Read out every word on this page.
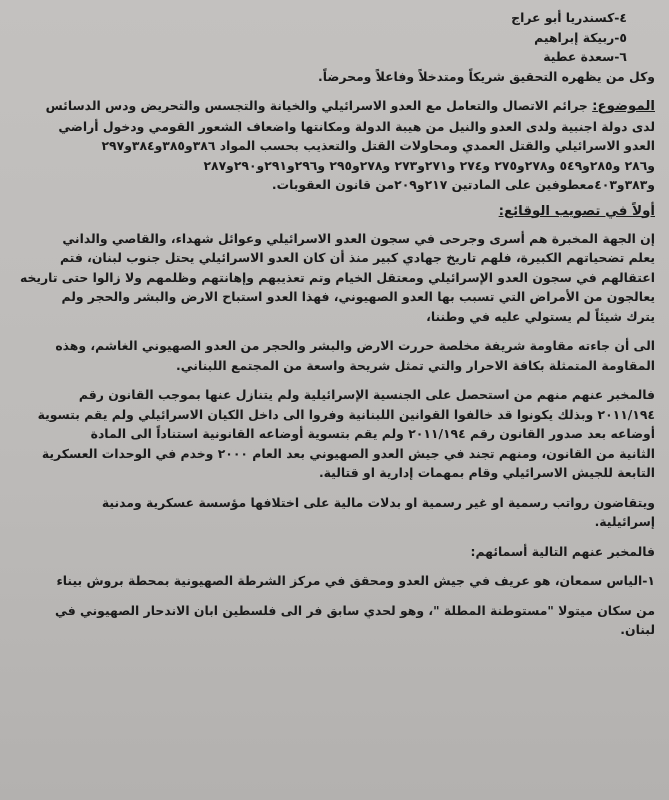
٤-كسندريا أبو عراج
٥-ربيكة إبراهيم
٦-سعدة عطية
وكل من يظهره التحقيق شريكاً ومتدخلاً وفاعلاً ومحرضاً.
الموضوع: جرائم الاتصال والتعامل مع العدو الاسرائيلي والخيانة والتجسس والتحريض ودس الدسائس
لدى دولة اجنبية ولدى العدو والنيل من هيبة الدولة ومكانتها واضعاف الشعور القومي ودخول أراضي
العدو الاسرائيلي والقتل العمدي ومحاولات القتل والتعذيب بحسب المواد ٣٨٦و٣٨٥و٣٨٤و٢٩٧
و٢٨٦ و٢٨٥و٥٤٩ و٢٧٨و٢٧٥ و٢٧٤ و٢٧١و٢٧٣ و٢٧٨و٢٩٥ و٢٩٦و٢٩١و٢٩٠و٢٨٧
و٣٨٣و٤٠٣معطوفين على المادتين ٢١٧و٢٠٩من قانون العقوبات.
أولاً في تصويب الوقائع:
إن الجهة المخبرة هم أسرى وجرحى في سجون العدو الاسرائيلي وعوائل شهداء، والقاصي والداني
يعلم تضحياتهم الكبيرة، فلهم تاريخ جهادي كبير منذ أن كان العدو الاسرائيلي يحتل جنوب لبنان، فتم
اعتقالهم في سجون العدو الإسرائيلي ومعتقل الخيام وتم تعذيبهم وإهانتهم وظلمهم ولا زالوا حتى تاريخه
يعالجون من الأمراض التي تسبب بها العدو الصهيوني، فهذا العدو استباح الارض والبشر والحجر ولم
يترك شيئاً لم يستولي عليه في وطننا،
الى أن جاءته مقاومة شريفة مخلصة حررت الارض والبشر والحجر من العدو الصهيوني الغاشم، وهذه
المقاومة المتمثلة بكافة الاحرار والتي تمثل شريحة واسعة من المجتمع اللبناني.
فالمخبر عنهم منهم من استحصل على الجنسية الإسرائيلية ولم يتنازل عنها بموجب القانون رقم
٢٠١١/١٩٤ وبذلك يكونوا قد خالفوا القوانين اللبنانية وفروا الى داخل الكيان الاسرائيلي ولم يقم بتسوية
أوضاعه بعد صدور القانون رقم ٢٠١١/١٩٤ ولم يقم بتسوية أوضاعه القانونية استناداً الى المادة
الثانية من القانون، ومنهم تجند في جيش العدو الصهيوني بعد العام ٢٠٠٠ وخدم في الوحدات العسكرية
التابعة للجيش الاسرائيلي وقام بمهمات إدارية او قتالية.
ويتقاضون رواتب رسمية او غير رسمية او بدلات مالية على اختلافها مؤسسة عسكرية ومدنية
إسرائيلية.
فالمخبر عنهم التالية أسمائهم:
١-الياس سمعان، هو عريف في جيش العدو ومحقق في مركز الشرطة الصهيونية بمحطة بروش بيناء
من سكان ميتولا "مستوطنة المطلة "، وهو لحدي سابق فر الى فلسطين ابان الاندحار الصهيوني في
لبنان.
